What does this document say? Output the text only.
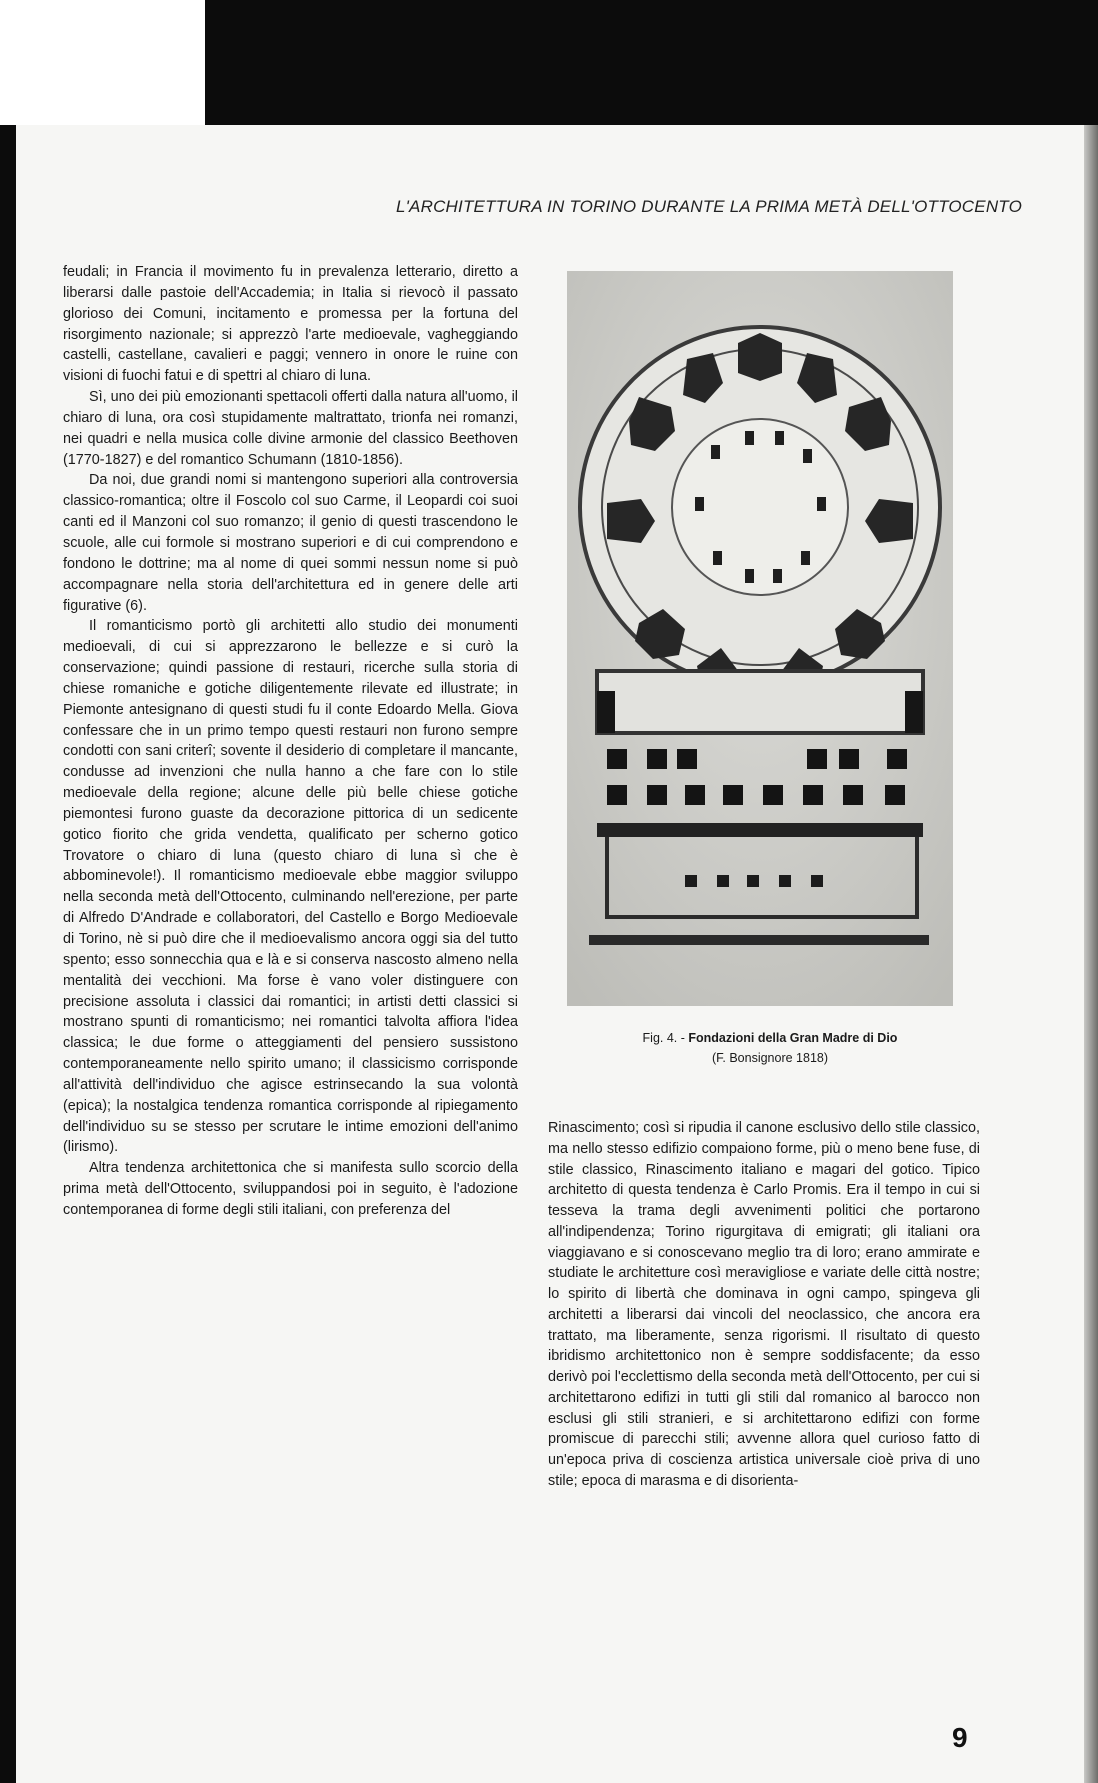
L'ARCHITETTURA IN TORINO DURANTE LA PRIMA METÀ DELL'OTTOCENTO

feudali; in Francia il movimento fu in prevalenza letterario, diretto a liberarsi dalle pastoie dell'Accademia; in Italia si rievocò il passato glorioso dei Comuni, incitamento e promessa per la fortuna del risorgimento nazionale; si apprezzò l'arte medioevale, vagheggiando castelli, castellane, cavalieri e paggi; vennero in onore le ruine con visioni di fuochi fatui e di spettri al chiaro di luna.

Sì, uno dei più emozionanti spettacoli offerti dalla natura all'uomo, il chiaro di luna, ora così stupidamente maltrattato, trionfa nei romanzi, nei quadri e nella musica colle divine armonie del classico Beethoven (1770-1827) e del romantico Schumann (1810-1856).

Da noi, due grandi nomi si mantengono superiori alla controversia classico-romantica; oltre il Foscolo col suo Carme, il Leopardi coi suoi canti ed il Manzoni col suo romanzo; il genio di questi trascendono le scuole, alle cui formole si mostrano superiori e di cui comprendono e fondono le dottrine; ma al nome di quei sommi nessun nome si può accompagnare nella storia dell'architettura ed in genere delle arti figurative (6).

Il romanticismo portò gli architetti allo studio dei monumenti medioevali, di cui si apprezzarono le bellezze e si curò la conservazione; quindi passione di restauri, ricerche sulla storia di chiese romaniche e gotiche diligentemente rilevate ed illustrate; in Piemonte antesignano di questi studi fu il conte Edoardo Mella. Giova confessare che in un primo tempo questi restauri non furono sempre condotti con sani criterî; sovente il desiderio di completare il mancante, condusse ad invenzioni che nulla hanno a che fare con lo stile medioevale della regione; alcune delle più belle chiese gotiche piemontesi furono guaste da decorazione pittorica di un sedicente gotico fiorito che grida vendetta, qualificato per scherno gotico Trovatore o chiaro di luna (questo chiaro di luna sì che è abbominevole!). Il romanticismo medioevale ebbe maggior sviluppo nella seconda metà dell'Ottocento, culminando nell'erezione, per parte di Alfredo D'Andrade e collaboratori, del Castello e Borgo Medioevale di Torino, nè si può dire che il medioevalismo ancora oggi sia del tutto spento; esso sonnecchia qua e là e si conserva nascosto almeno nella mentalità dei vecchioni. Ma forse è vano voler distinguere con precisione assoluta i classici dai romantici; in artisti detti classici si mostrano spunti di romanticismo; nei romantici talvolta affiora l'idea classica; le due forme o atteggiamenti del pensiero sussistono contemporaneamente nello spirito umano; il classicismo corrisponde all'attività dell'individuo che agisce estrinsecando la sua volontà (epica); la nostalgica tendenza romantica corrisponde al ripiegamento dell'individuo su se stesso per scrutare le intime emozioni dell'animo (lirismo).

Altra tendenza architettonica che si manifesta sullo scorcio della prima metà dell'Ottocento, sviluppandosi poi in seguito, è l'adozione contemporanea di forme degli stili italiani, con preferenza del

Fig. 4. - Fondazioni della Gran Madre di Dio
(F. Bonsignore 1818)

Rinascimento; così si ripudia il canone esclusivo dello stile classico, ma nello stesso edifizio compaiono forme, più o meno bene fuse, di stile classico, Rinascimento italiano e magari del gotico. Tipico architetto di questa tendenza è Carlo Promis. Era il tempo in cui si tesseva la trama degli avvenimenti politici che portarono all'indipendenza; Torino rigurgitava di emigrati; gli italiani ora viaggiavano e si conoscevano meglio tra di loro; erano ammirate e studiate le architetture così meravigliose e variate delle città nostre; lo spirito di libertà che dominava in ogni campo, spingeva gli architetti a liberarsi dai vincoli del neoclassico, che ancora era trattato, ma liberamente, senza rigorismi. Il risultato di questo ibridismo architettonico non è sempre soddisfacente; da esso derivò poi l'ecclettismo della seconda metà dell'Ottocento, per cui si architettarono edifizi in tutti gli stili dal romanico al barocco non esclusi gli stili stranieri, e si architettarono edifizi con forme promiscue di parecchi stili; avvenne allora quel curioso fatto di un'epoca priva di coscienza artistica universale cioè priva di uno stile; epoca di marasma e di disorienta-

9
